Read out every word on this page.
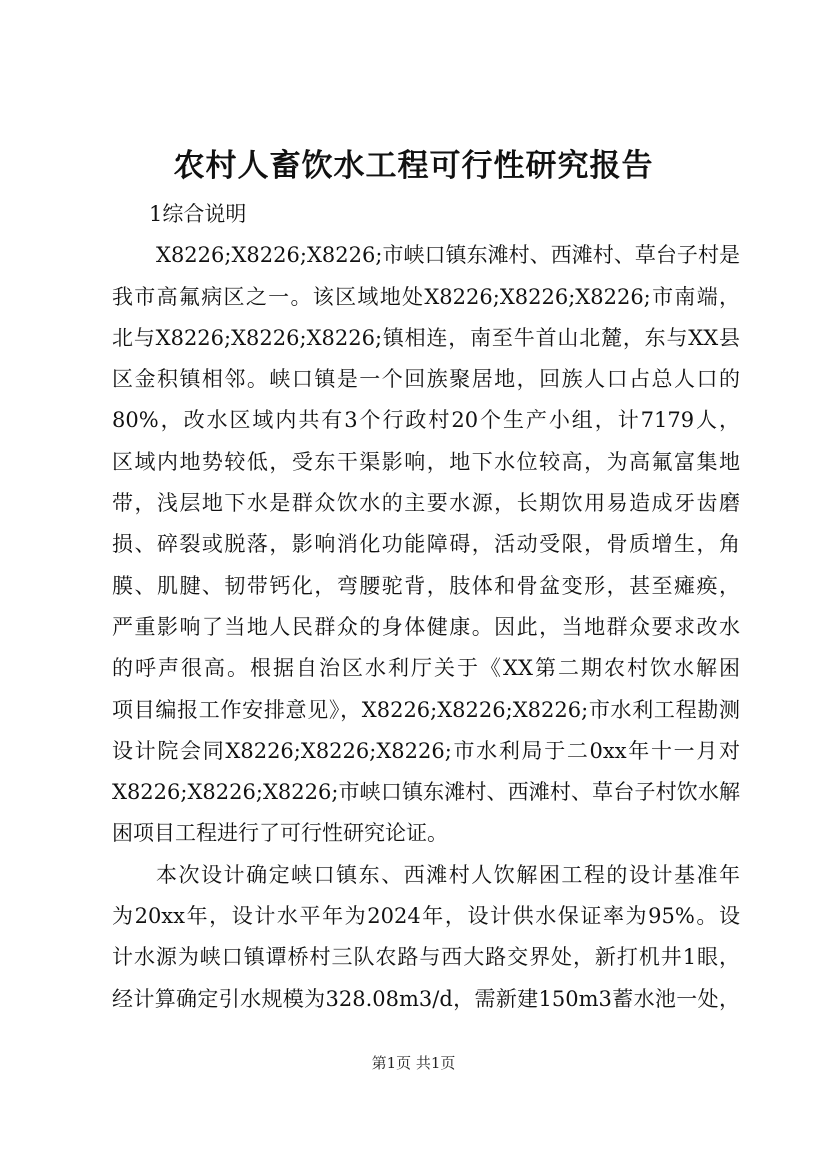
农村人畜饮水工程可行性研究报告
1综合说明
X8226;X8226;X8226;市峡口镇东滩村、西滩村、草台子村是
我市高氟病区之一。该区域地处X8226;X8226;X8226;市南端，
北与X8226;X8226;X8226;镇相连，南至牛首山北麓，东与XX县
区金积镇相邻。峡口镇是一个回族聚居地，回族人口占总人口的
80%，改水区域内共有3个行政村20个生产小组，计7179人，
区域内地势较低，受东干渠影响，地下水位较高，为高氟富集地
带，浅层地下水是群众饮水的主要水源，长期饮用易造成牙齿磨
损、碎裂或脱落，影响消化功能障碍，活动受限，骨质增生，角
膜、肌腱、韧带钙化，弯腰驼背，肢体和骨盆变形，甚至瘫痪，
严重影响了当地人民群众的身体健康。因此，当地群众要求改水
的呼声很高。根据自治区水利厅关于《XX第二期农村饮水解困
项目编报工作安排意见》，X8226;X8226;X8226;市水利工程勘测
设计院会同X8226;X8226;X8226;市水利局于二0xx年十一月对
X8226;X8226;X8226;市峡口镇东滩村、西滩村、草台子村饮水解
困项目工程进行了可行性研究论证。
本次设计确定峡口镇东、西滩村人饮解困工程的设计基准年
为20xx年，设计水平年为2024年，设计供水保证率为95%。设
计水源为峡口镇谭桥村三队农路与西大路交界处，新打机井1眼，
经计算确定引水规模为328.08m3/d，需新建150m3蓄水池一处，
第1页 共1页
